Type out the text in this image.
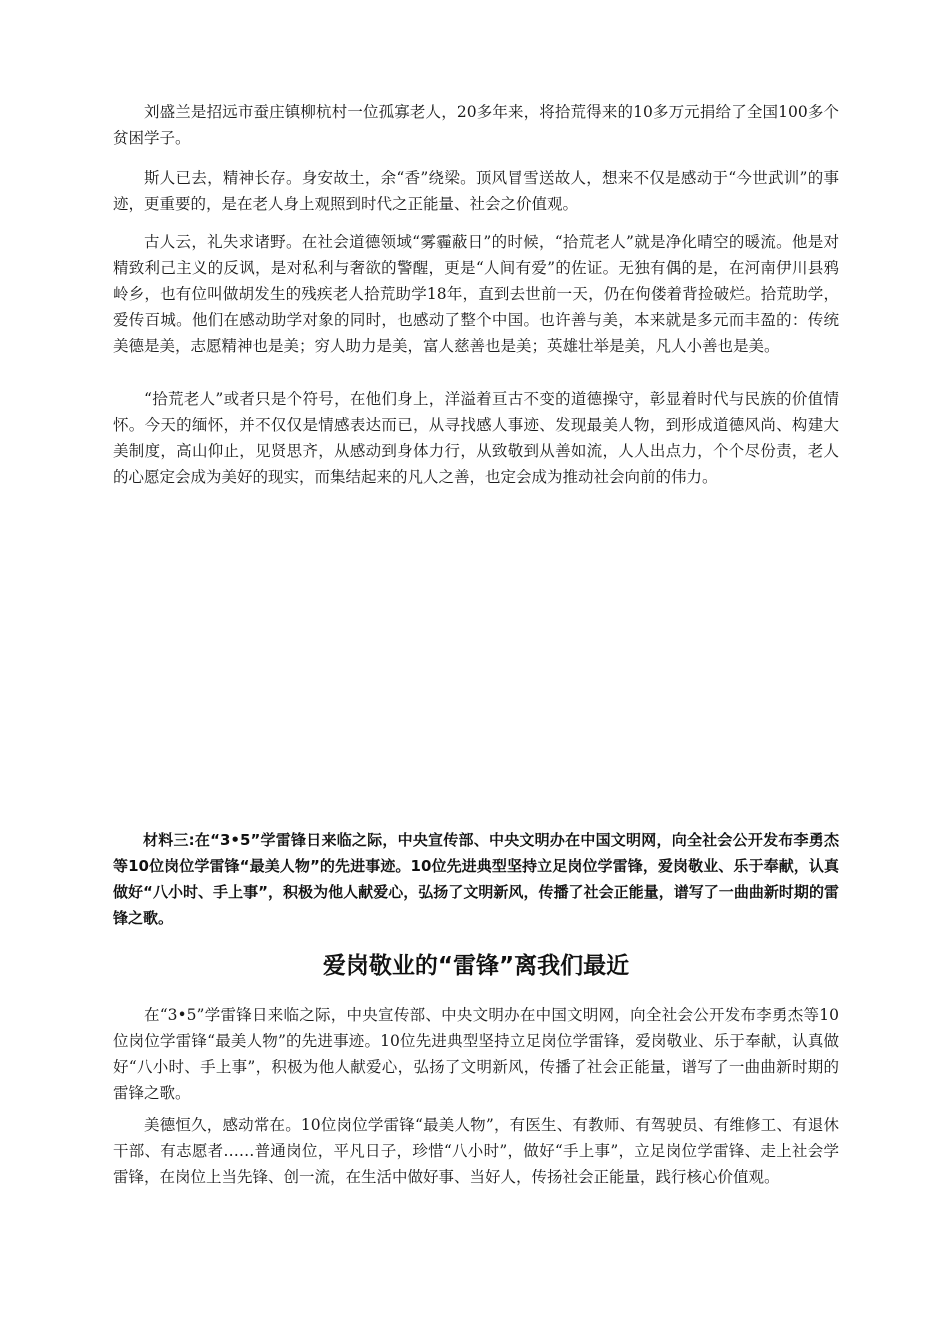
刘盛兰是招远市蚕庄镇柳杭村一位孤寡老人，20多年来，将拾荒得来的10多万元捐给了全国100多个贫困学子。

斯人已去，精神长存。身安故土，余“香”绕梁。顶风冒雪送故人，想来不仅是感动于“今世武训”的事迹，更重要的，是在老人身上观照到时代之正能量、社会之价值观。

古人云，礼失求诸野。在社会道德领域“雾霾蔽日”的时候，“拾荒老人”就是净化晴空的暖流。他是对精致利己主义的反讽，是对私利与奢欲的警醒，更是“人间有爱”的佐证。无独有偶的是，在河南伊川县鸦岭乡，也有位叫做胡发生的残疾老人拾荒助学18年，直到去世前一天，仍在佝偻着背捡破烂。拾荒助学，爱传百城。他们在感动助学对象的同时，也感动了整个中国。也许善与美，本来就是多元而丰盈的：传统美德是美，志愿精神也是美；穷人助力是美，富人慈善也是美；英雄壮举是美，凡人小善也是美。

“拾荒老人”或者只是个符号，在他们身上，洋溢着亘古不变的道德操守，彰显着时代与民族的价值情怀。今天的缅怀，并不仅仅是情感表达而已，从寻找感人事迹、发现最美人物，到形成道德风尚、构建大美制度，高山仰止，见贤思齐，从感动到身体力行，从致敬到从善如流，人人出点力，个个尽份责，老人的心愿定会成为美好的现实，而集结起来的凡人之善，也定会成为推动社会向前的伟力。

材料三:在“3•5”学雷锋日来临之际，中央宣传部、中央文明办在中国文明网，向全社会公开发布李勇杰等10位岗位学雷锋“最美人物”的先进事迹。10位先进典型坚持立足岗位学雷锋，爱岗敬业、乐于奉献，认真做好“八小时、手上事”，积极为他人献爱心，弘扬了文明新风，传播了社会正能量，谱写了一曲曲新时期的雷锋之歌。

爱岗敬业的“雷锋”离我们最近

在“3•5”学雷锋日来临之际，中央宣传部、中央文明办在中国文明网，向全社会公开发布李勇杰等10位岗位学雷锋“最美人物”的先进事迹。10位先进典型坚持立足岗位学雷锋，爱岗敬业、乐于奉献，认真做好“八小时、手上事”，积极为他人献爱心，弘扬了文明新风，传播了社会正能量，谱写了一曲曲新时期的雷锋之歌。

美德恒久，感动常在。10位岗位学雷锋“最美人物”，有医生、有教师、有驾驶员、有维修工、有退休干部、有志愿者……普通岗位，平凡日子，珍惜“八小时”，做好“手上事”，立足岗位学雷锋、走上社会学雷锋，在岗位上当先锋、创一流，在生活中做好事、当好人，传扬社会正能量，践行核心价值观。
